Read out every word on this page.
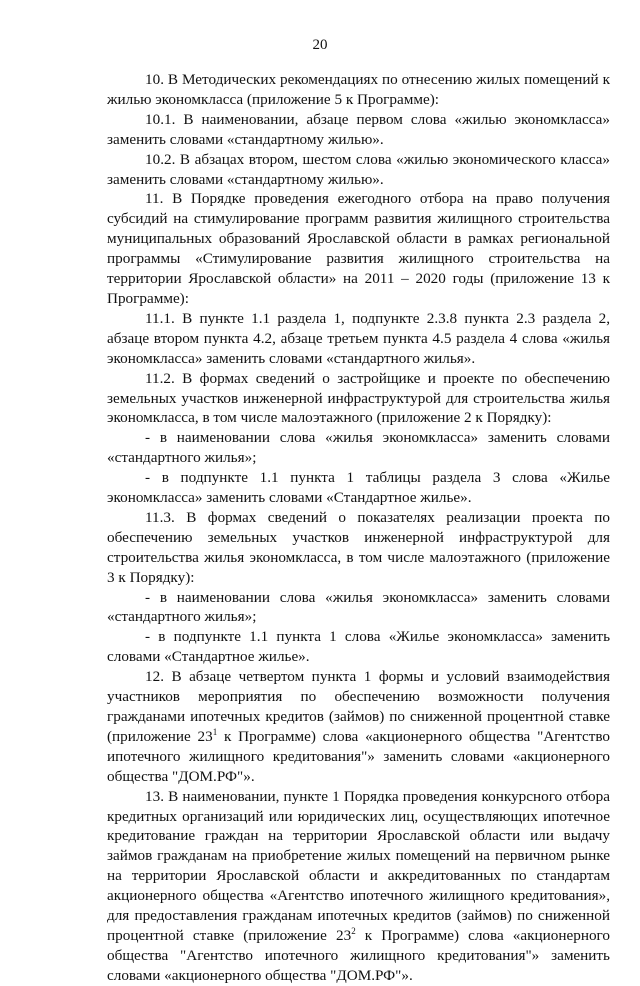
20

10. В Методических рекомендациях по отнесению жилых помещений к жилью экономкласса (приложение 5 к Программе):

10.1. В наименовании, абзаце первом слова «жилью экономкласса» заменить словами «стандартному жилью».

10.2. В абзацах втором, шестом слова «жилью экономического класса» заменить словами «стандартному жилью».

11. В Порядке проведения ежегодного отбора на право получения субсидий на стимулирование программ развития жилищного строительства муниципальных образований Ярославской области в рамках региональной программы «Стимулирование развития жилищного строительства на территории Ярославской области» на 2011 – 2020 годы (приложение 13 к Программе):

11.1. В пункте 1.1 раздела 1, подпункте 2.3.8 пункта 2.3 раздела 2, абзаце втором пункта 4.2, абзаце третьем пункта 4.5 раздела 4 слова «жилья экономкласса» заменить словами «стандартного жилья».

11.2. В формах сведений о застройщике и проекте по обеспечению земельных участков инженерной инфраструктурой для строительства жилья экономкласса, в том числе малоэтажного (приложение 2 к Порядку):

- в наименовании слова «жилья экономкласса» заменить словами «стандартного жилья»;

- в подпункте 1.1 пункта 1 таблицы раздела 3 слова «Жилье экономкласса» заменить словами «Стандартное жилье».

11.3. В формах сведений о показателях реализации проекта по обеспечению земельных участков инженерной инфраструктурой для строительства жилья экономкласса, в том числе малоэтажного (приложение 3 к Порядку):

- в наименовании слова «жилья экономкласса» заменить словами «стандартного жилья»;

- в подпункте 1.1 пункта 1 слова «Жилье экономкласса» заменить словами «Стандартное жилье».

12. В абзаце четвертом пункта 1 формы и условий взаимодействия участников мероприятия по обеспечению возможности получения гражданами ипотечных кредитов (займов) по сниженной процентной ставке (приложение $23^1$ к Программе) слова «акционерного общества "Агентство ипотечного жилищного кредитования"» заменить словами «акционерного общества "ДОМ.РФ"».

13. В наименовании, пункте 1 Порядка проведения конкурсного отбора кредитных организаций или юридических лиц, осуществляющих ипотечное кредитование граждан на территории Ярославской области или выдачу займов гражданам на приобретение жилых помещений на первичном рынке на территории Ярославской области и аккредитованных по стандартам акционерного общества «Агентство ипотечного жилищного кредитования», для предоставления гражданам ипотечных кредитов (займов) по сниженной процентной ставке (приложение $23^2$ к Программе) слова «акционерного общества "Агентство ипотечного жилищного кредитования"» заменить словами «акционерного общества "ДОМ.РФ"».
